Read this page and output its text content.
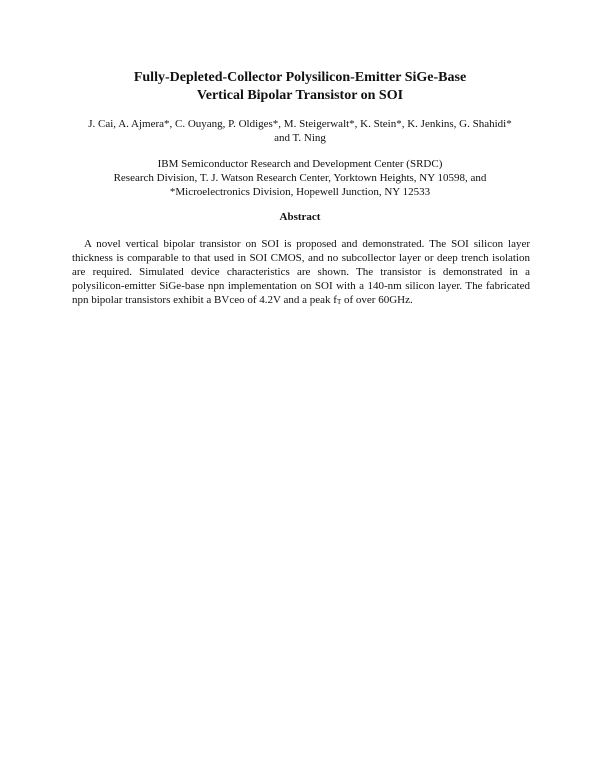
Fully-Depleted-Collector Polysilicon-Emitter SiGe-Base
Vertical Bipolar Transistor on SOI
J. Cai, A. Ajmera*, C. Ouyang, P. Oldiges*, M. Steigerwalt*, K. Stein*, K. Jenkins, G. Shahidi*
and T. Ning
IBM Semiconductor Research and Development Center (SRDC)
Research Division, T. J. Watson Research Center, Yorktown Heights, NY 10598, and
*Microelectronics Division, Hopewell Junction, NY 12533
Abstract

A novel vertical bipolar transistor on SOI is proposed and demonstrated. The SOI silicon layer thickness is comparable to that used in SOI CMOS, and no subcollector layer or deep trench isolation are required. Simulated device characteristics are shown. The transistor is demonstrated in a polysilicon-emitter SiGe-base npn implementation on SOI with a 140-nm silicon layer. The fabricated npn bipolar transistors exhibit a BVceo of 4.2V and a peak $f_T$ of over 60GHz.
